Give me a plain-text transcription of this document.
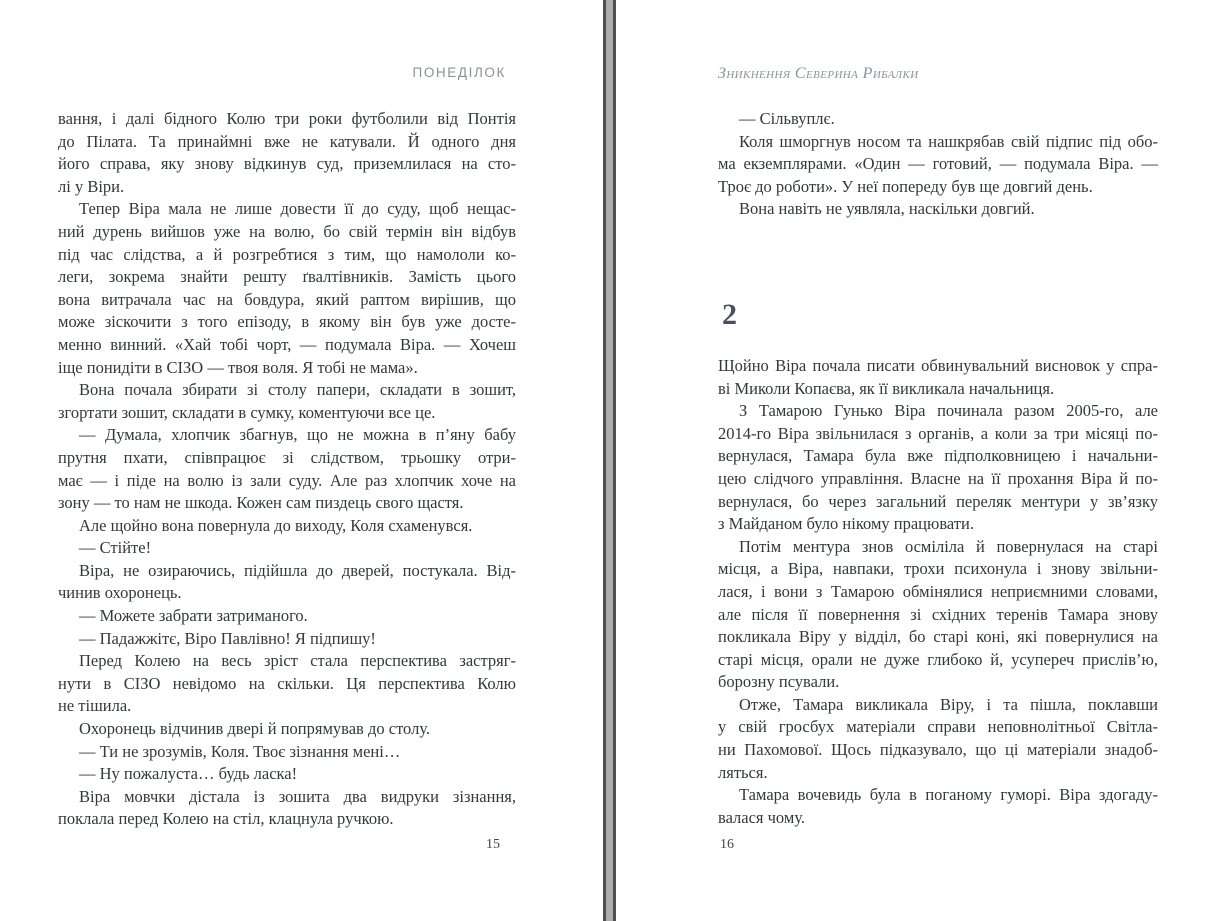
ПОНЕДІЛОК
вання, і далі бідного Колю три роки футболили від Понтія
до Пілата. Та принаймні вже не катували. Й одного дня
його справа, яку знову відкинув суд, приземлилася на сто-
лі у Віри.
Тепер Віра мала не лише довести її до суду, щоб нещас-
ний дурень вийшов уже на волю, бо свій термін він відбув
під час слідства, а й розгребтися з тим, що намололи ко-
леги, зокрема знайти решту ґвалтівників. Замість цього
вона витрачала час на бовдура, який раптом вирішив, що
може зіскочити з того епізоду, в якому він був уже досте-
менно винний. «Хай тобі чорт, — подумала Віра. — Хочеш
іще понидіти в СІЗО — твоя воля. Я тобі не мама».
Вона почала збирати зі столу папери, складати в зошит,
згортати зошит, складати в сумку, коментуючи все це.
— Думала, хлопчик збагнув, що не можна в п’яну бабу
прутня пхати, співпрацює зі слідством, трьошку отри-
має — і піде на волю із зали суду. Але раз хлопчик хоче на
зону — то нам не шкода. Кожен сам пиздець свого щастя.
Але щойно вона повернула до виходу, Коля схаменувся.
— Стійте!
Віра, не озираючись, підійшла до дверей, постукала. Від-
чинив охоронець.
— Можете забрати затриманого.
— Падажжітє, Віро Павлівно! Я підпишу!
Перед Колею на весь зріст стала перспектива застряг-
нути в СІЗО невідомо на скільки. Ця перспектива Колю
не тішила.
Охоронець відчинив двері й попрямував до столу.
— Ти не зрозумів, Коля. Твоє зізнання мені…
— Ну пожалуста… будь ласка!
Віра мовчки дістала із зошита два видруки зізнання,
поклала перед Колею на стіл, клацнула ручкою.
15
Зникнення Северина Рибалки
— Сільвуплє.
Коля шморгнув носом та нашкрябав свій підпис під обо-
ма екземплярами. «Один — готовий, — подумала Віра. —
Троє до роботи». У неї попереду був ще довгий день.
Вона навіть не уявляла, наскільки довгий.
2
Щойно Віра почала писати обвинувальний висновок у спра-
ві Миколи Копаєва, як її викликала начальниця.
З Тамарою Гунько Віра починала разом 2005-го, але
2014-го Віра звільнилася з органів, а коли за три місяці по-
вернулася, Тамара була вже підполковницею і начальни-
цею слідчого управління. Власне на її прохання Віра й по-
вернулася, бо через загальний переляк ментури у зв’язку
з Майданом було нікому працювати.
Потім ментура знов осміліла й повернулася на старі
місця, а Віра, навпаки, трохи психонула і знову звільни-
лася, і вони з Тамарою обмінялися неприємними словами,
але після її повернення зі східних теренів Тамара знову
покликала Віру у відділ, бо старі коні, які повернулися на
старі місця, орали не дуже глибоко й, усупереч прислів’ю,
борозну псували.
Отже, Тамара викликала Віру, і та пішла, поклавши
у свій гросбух матеріали справи неповнолітньої Світла-
ни Пахомової. Щось підказувало, що ці матеріали знадоб-
ляться.
Тамара вочевидь була в поганому гуморі. Віра здогаду-
валася чому.
16
